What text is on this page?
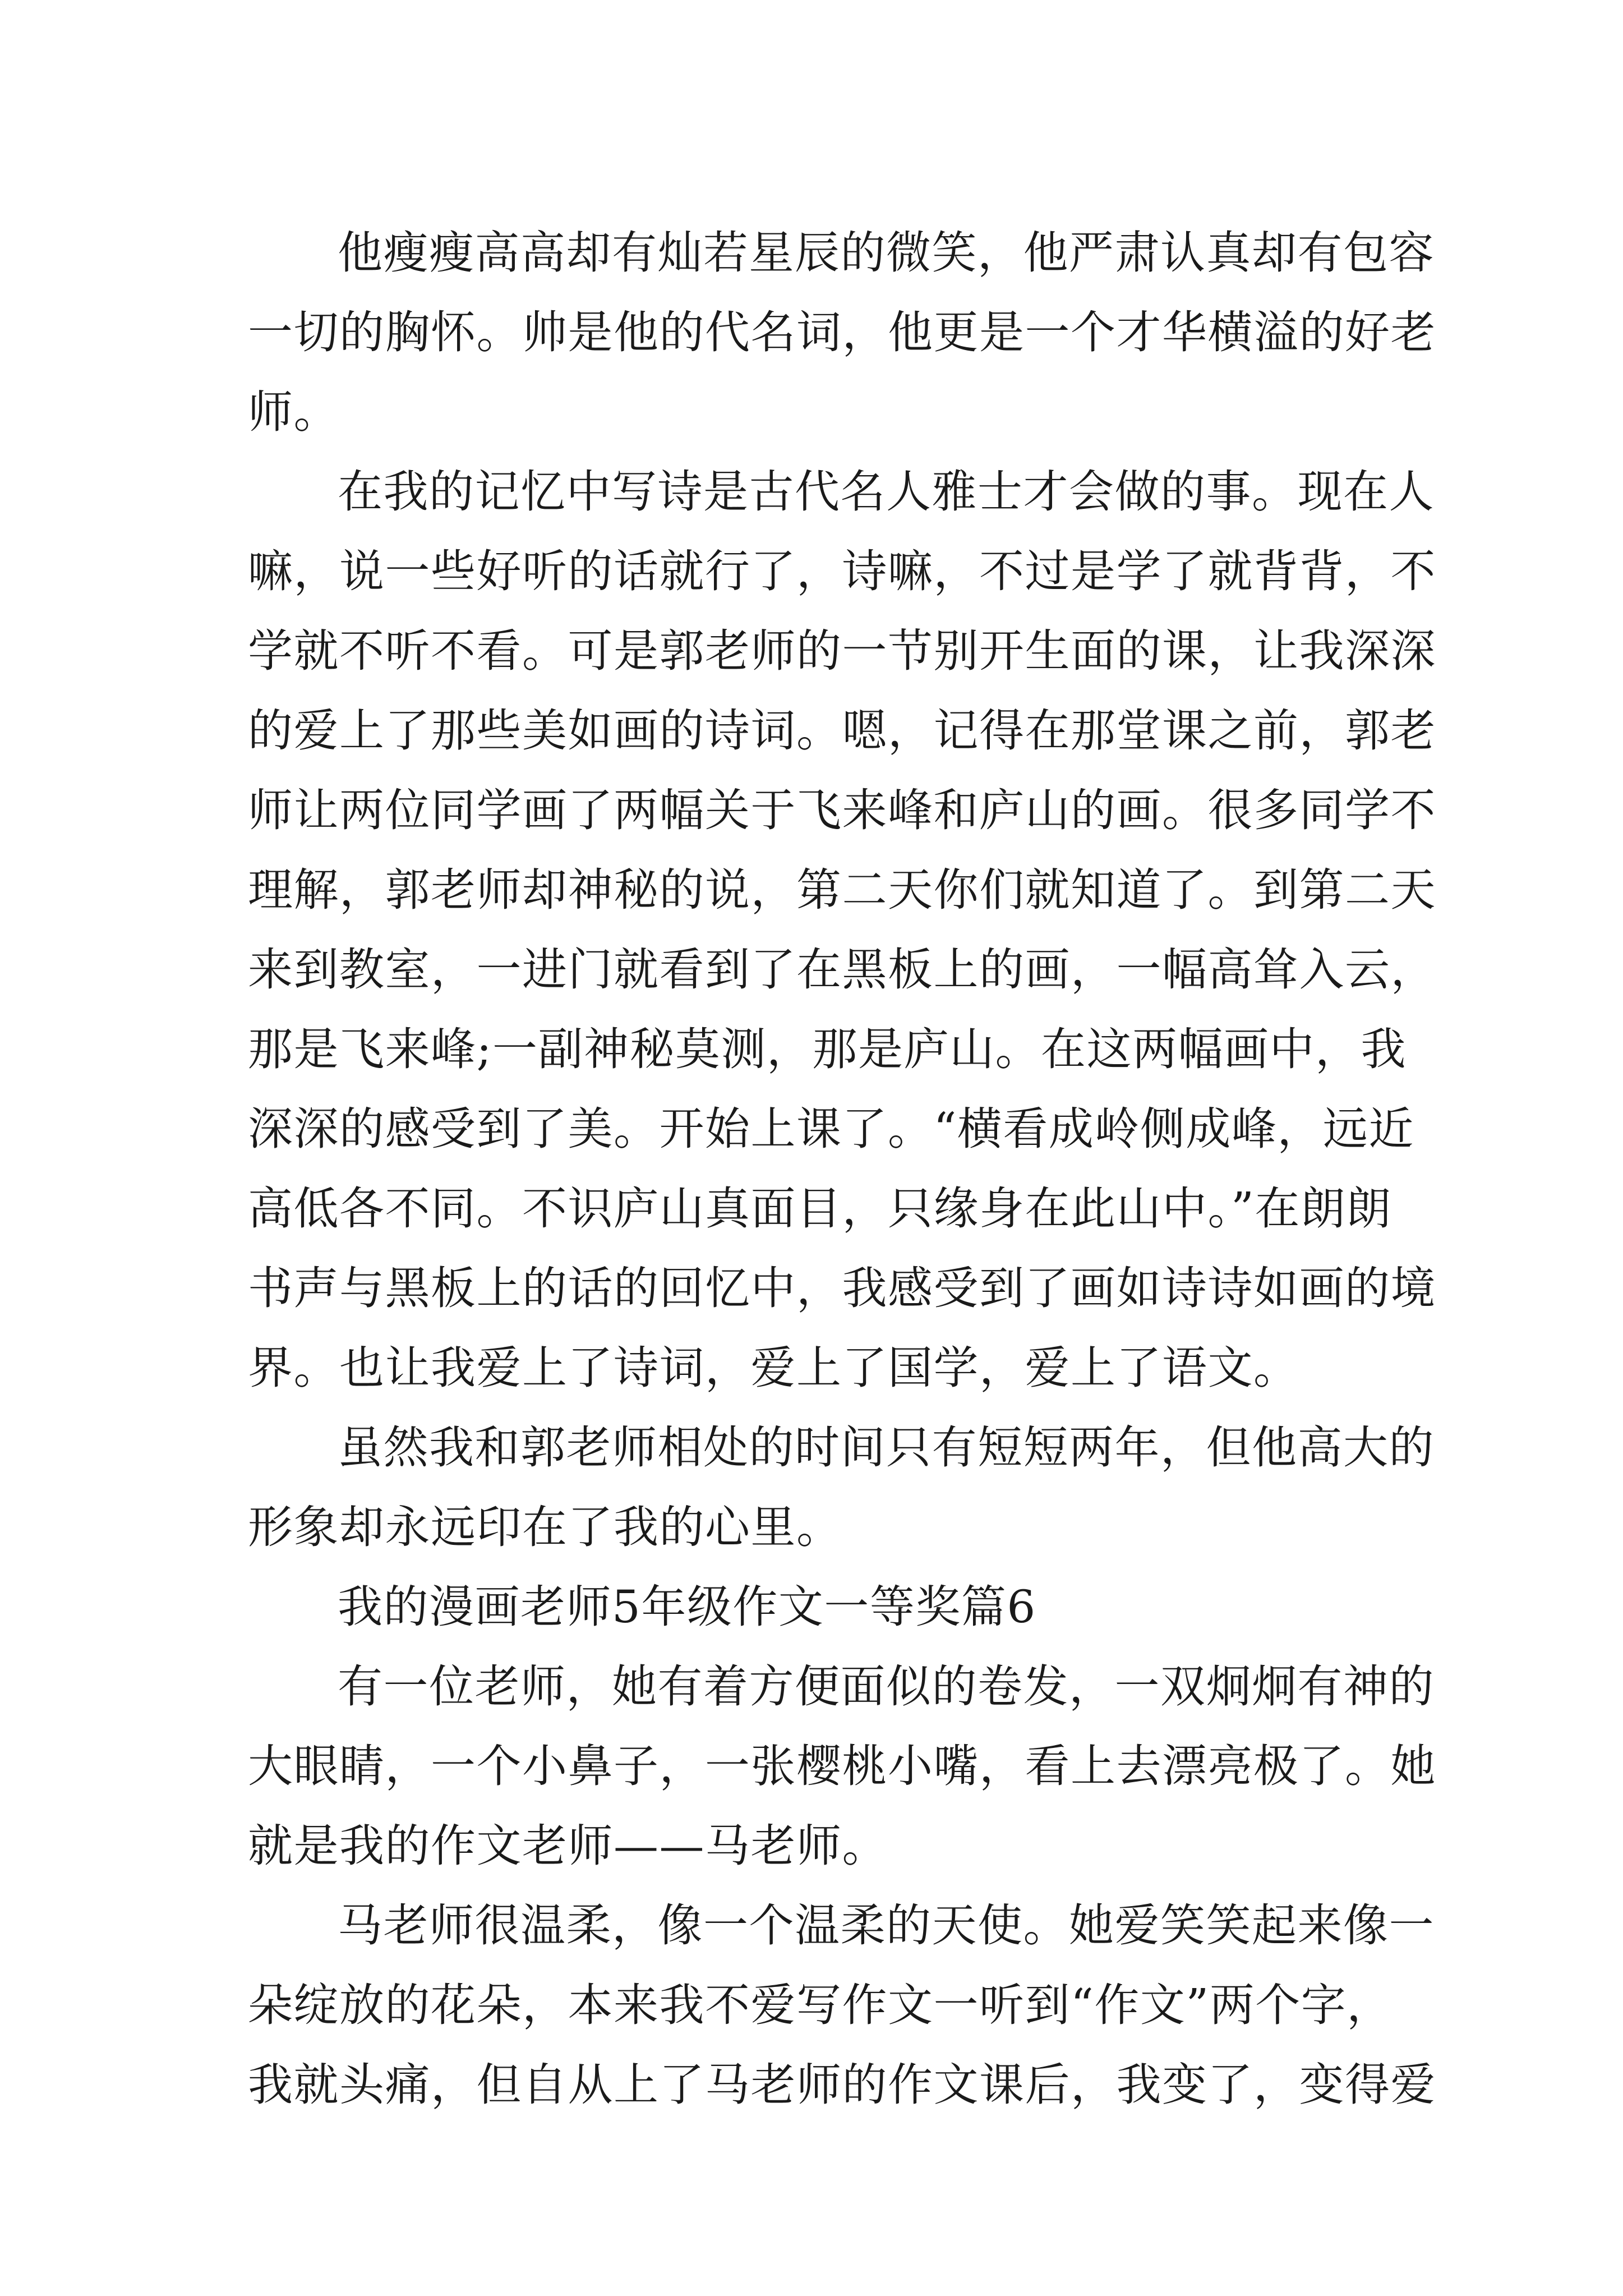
他瘦瘦高高却有灿若星辰的微笑，他严肃认真却有包容
一切的胸怀。帅是他的代名词，他更是一个才华横溢的好老
师。
在我的记忆中写诗是古代名人雅士才会做的事。现在人
嘛，说一些好听的话就行了，诗嘛，不过是学了就背背，不
学就不听不看。可是郭老师的一节别开生面的课，让我深深
的爱上了那些美如画的诗词。嗯，记得在那堂课之前，郭老
师让两位同学画了两幅关于飞来峰和庐山的画。很多同学不
理解，郭老师却神秘的说，第二天你们就知道了。到第二天
来到教室，一进门就看到了在黑板上的画，一幅高耸入云，
那是飞来峰;一副神秘莫测，那是庐山。在这两幅画中，我
深深的感受到了美。开始上课了。“横看成岭侧成峰，远近
高低各不同。不识庐山真面目，只缘身在此山中。”在朗朗
书声与黑板上的话的回忆中，我感受到了画如诗诗如画的境
界。也让我爱上了诗词，爱上了国学，爱上了语文。
虽然我和郭老师相处的时间只有短短两年，但他高大的
形象却永远印在了我的心里。
我的漫画老师5年级作文一等奖篇6
有一位老师，她有着方便面似的卷发，一双炯炯有神的
大眼睛，一个小鼻子，一张樱桃小嘴，看上去漂亮极了。她
就是我的作文老师——马老师。
马老师很温柔，像一个温柔的天使。她爱笑笑起来像一
朵绽放的花朵，本来我不爱写作文一听到“作文”两个字，
我就头痛，但自从上了马老师的作文课后，我变了，变得爱
